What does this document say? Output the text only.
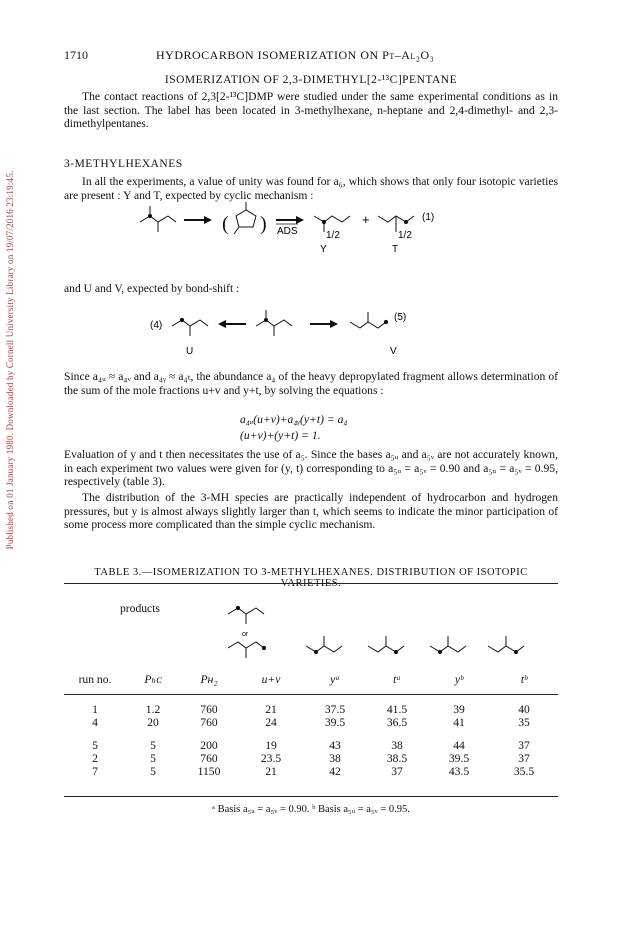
Published on 01 January 1980. Downloaded by Cornell University Library on 19/07/2016 23:19:45.
1710	HYDROCARBON ISOMERIZATION ON Pt–Al₂O₃
ISOMERIZATION OF 2,3-DIMETHYL[2-¹³C]PENTANE

The contact reactions of 2,3[2-¹³C]DMP were studied under the same experimental conditions as in the last section. The label has been located in 3-methylhexane, n-heptane and 2,4-dimethyl- and 2,3-dimethylpentanes.

3-METHYLHEXANES

In all the experiments, a value of unity was found for a₆, which shows that only four isotopic varieties are present : Y and T, expected by cyclic mechanism :

( ) ADS	1/2
Y
+
1/2
T
(1)

and U and V, expected by bond-shift :

(4)
U	V
(5)

Since a₄ᵤ ≈ a₄ᵥ and a₄ᵧ ≈ a₄ₜ, the abundance a₄ of the heavy depropylated fragment allows determination of the sum of the mole fractions u+v and y+t, by solving the equations :

a₄ᵤ(u+v)+a₄ᵧ(y+t) = a₄
(u+v)+(y+t) = 1.

Evaluation of y and t then necessitates the use of a₅. Since the bases a₅ᵤ and a₅ᵥ are not accurately known, in each experiment two values were given for (y, t) corresponding to a₅ᵤ = a₅ᵥ = 0.90 and a₅ᵤ = a₅ᵥ = 0.95, respectively (table 3).

The distribution of the 3-MH species are practically independent of hydrocarbon and hydrogen pressures, but y is almost always slightly larger than t, which seems to indicate the minor participation of some process more complicated than the simple cyclic mechanism.

TABLE 3.—ISOMERIZATION TO 3-METHYLHEXANES. DISTRIBUTION OF ISOTOPIC VARIETIES.
products
or
run no.	Pₕᴄ	Pʜ₂	u+v	yᵃ	tᵃ	yᵇ	tᵇ

1	1.2	760	21	37.5	41.5	39	40
4	20	760	24	39.5	36.5	41	35

5	5	200	19	43	38	44	37
2	5	760	23.5	38	38.5	39.5	37
7	5	1150	21	42	37	43.5	35.5
ᵃ Basis a₅ᵤ = a₅ᵥ = 0.90. ᵇ Basis a₅ᵤ = a₅ᵥ = 0.95.
